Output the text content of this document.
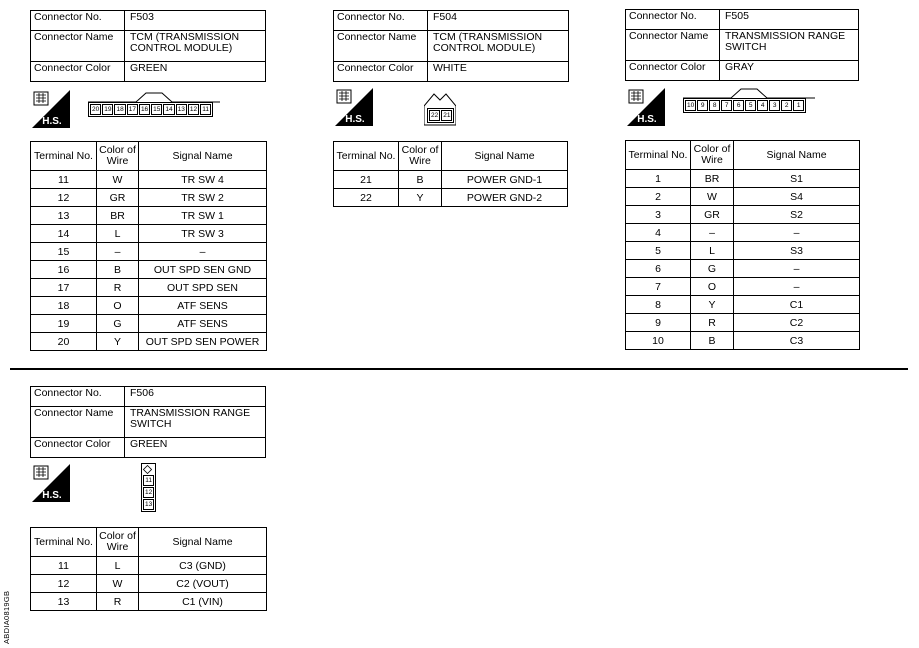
Connector No.	F503
Connector Name	TCM (TRANSMISSION CONTROL MODULE)
Connector Color	GREEN
H.S.
20 19 18 17 16 15 14 13 12 11
Terminal No.	Color of Wire	Signal Name
11	W	TR SW 4
12	GR	TR SW 2
13	BR	TR SW 1
14	L	TR SW 3
15	–	–
16	B	OUT SPD SEN GND
17	R	OUT SPD SEN
18	O	ATF SENS
19	G	ATF SENS
20	Y	OUT SPD SEN POWER
Connector No.	F504
Connector Name	TCM (TRANSMISSION CONTROL MODULE)
Connector Color	WHITE
H.S.	22 21
Terminal No.	Color of Wire	Signal Name
21	B	POWER GND-1
22	Y	POWER GND-2
Connector No.	F505
Connector Name	TRANSMISSION RANGE SWITCH
Connector Color	GRAY
H.S.
10	9	8	7	6	5	4	3	2	1
Terminal No.	Color of Wire	Signal Name
1	BR	S1
2	W	S4
3	GR	S2
4	–	–
5	L	S3
6	G	–
7	O	–
8	Y	C1
9	R	C2
10	B	C3
Connector No.	F506
Connector Name	TRANSMISSION RANGE SWITCH
Connector Color	GREEN
H.S.
11
12
13
Terminal No.	Color of Wire	Signal Name
11	L	C3 (GND)
12	W	C2 (VOUT)
13	R	C1 (VIN)
ABDIA0819GB
